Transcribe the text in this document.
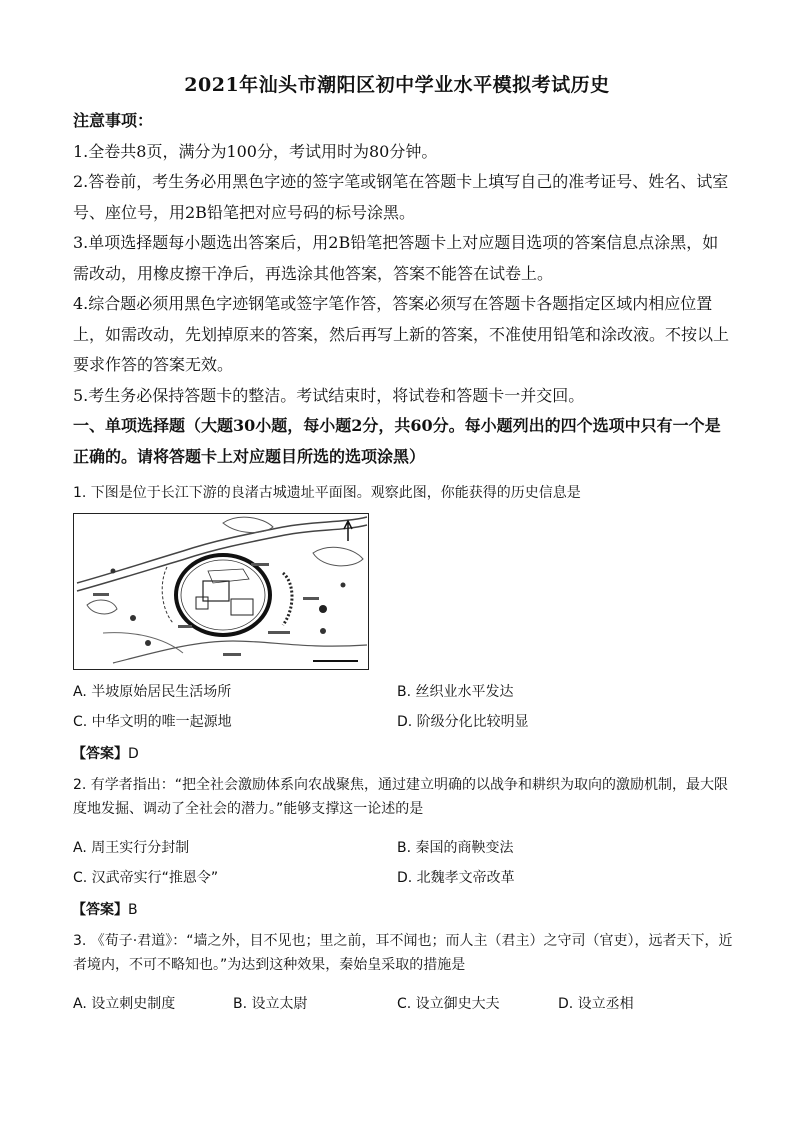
2021年汕头市潮阳区初中学业水平模拟考试历史

注意事项：

1.全卷共8页，满分为100分，考试用时为80分钟。

2.答卷前，考生务必用黑色字迹的签字笔或钢笔在答题卡上填写自己的准考证号、姓名、试室号、座位号，用2B铅笔把对应号码的标号涂黑。

3.单项选择题每小题选出答案后，用2B铅笔把答题卡上对应题目选项的答案信息点涂黑，如需改动，用橡皮擦干净后，再选涂其他答案，答案不能答在试卷上。

4.综合题必须用黑色字迹钢笔或签字笔作答，答案必须写在答题卡各题指定区域内相应位置上，如需改动，先划掉原来的答案，然后再写上新的答案，不准使用铅笔和涂改液。不按以上要求作答的答案无效。

5.考生务必保持答题卡的整洁。考试结束时，将试卷和答题卡一并交回。

一、单项选择题（大题30小题，每小题2分，共60分。每小题列出的四个选项中只有一个是正确的。请将答题卡上对应题目所选的选项涂黑）

1. 下图是位于长江下游的良渚古城遗址平面图。观察此图，你能获得的历史信息是

A. 半坡原始居民生活场所	B. 丝织业水平发达
C. 中华文明的唯一起源地	D. 阶级分化比较明显
【答案】D

2. 有学者指出：“把全社会激励体系向农战聚焦，通过建立明确的以战争和耕织为取向的激励机制，最大限度地发掘、调动了全社会的潜力。”能够支撑这一论述的是

A. 周王实行分封制	B. 秦国的商鞅变法
C. 汉武帝实行“推恩令”	D. 北魏孝文帝改革
【答案】B

3. 《荀子·君道》：“墙之外，目不见也；里之前，耳不闻也；而人主（君主）之守司（官吏），远者天下，近者境内，不可不略知也。”为达到这种效果，秦始皇采取的措施是

A. 设立刺史制度	B. 设立太尉	C. 设立御史大夫	D. 设立丞相
